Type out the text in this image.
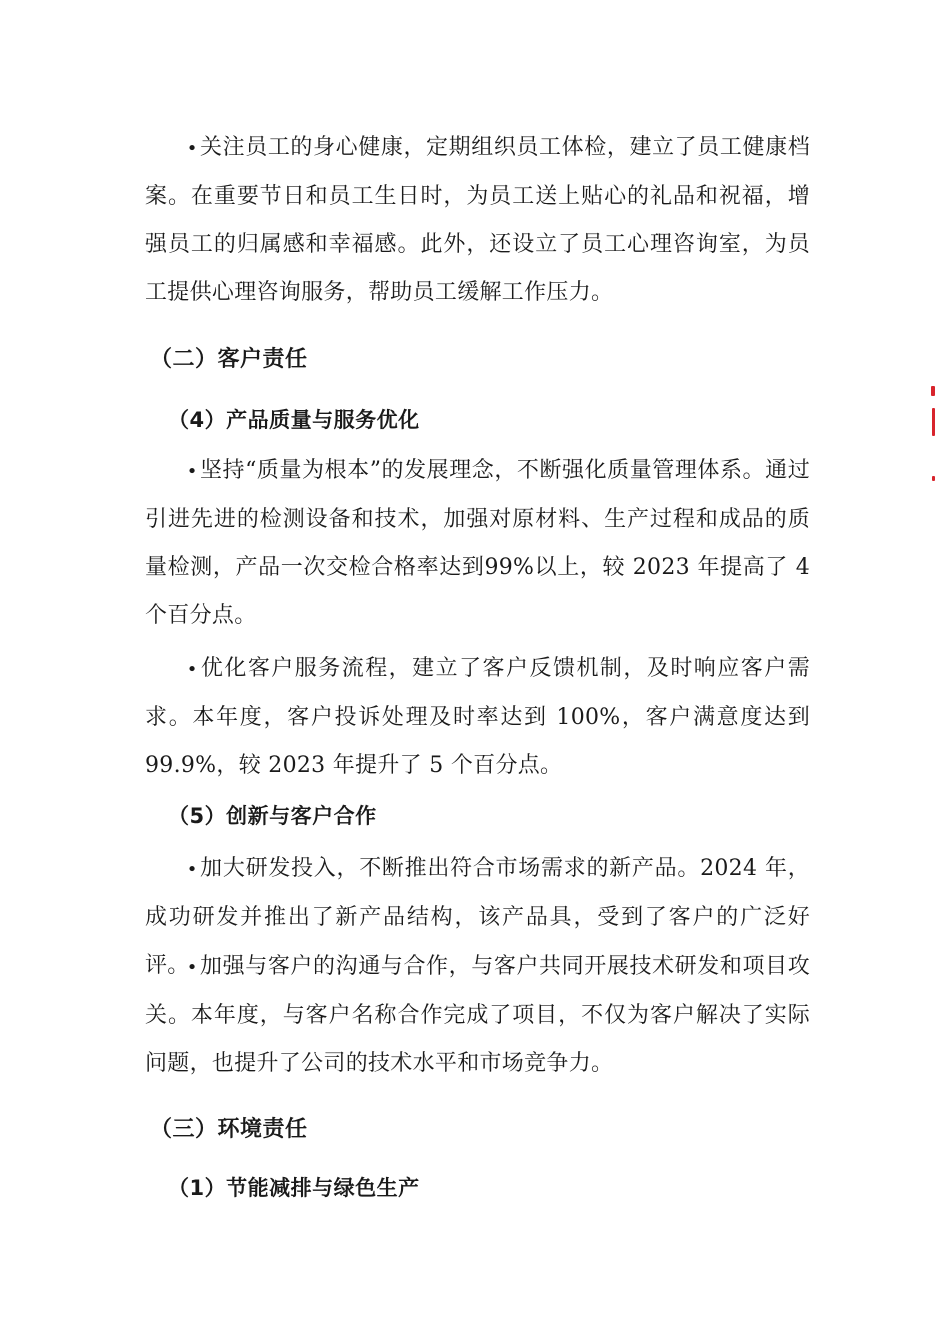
•关注员工的身心健康，定期组织员工体检，建立了员工健康档案。在重要节日和员工生日时，为员工送上贴心的礼品和祝福，增强员工的归属感和幸福感。此外，还设立了员工心理咨询室，为员工提供心理咨询服务，帮助员工缓解工作压力。

（二）客户责任
（4）产品质量与服务优化

•坚持“质量为根本”的发展理念，不断强化质量管理体系。通过引进先进的检测设备和技术，加强对原材料、生产过程和成品的质量检测，产品一次交检合格率达到99%以上，较 2023 年提高了 4 个百分点。

•优化客户服务流程，建立了客户反馈机制，及时响应客户需求。本年度，客户投诉处理及时率达到 100%，客户满意度达到 99.9%，较 2023 年提升了 5 个百分点。

（5）创新与客户合作

•加大研发投入，不断推出符合市场需求的新产品。2024 年，成功研发并推出了新产品结构，该产品具，受到了客户的广泛好评。

•加强与客户的沟通与合作，与客户共同开展技术研发和项目攻关。本年度，与客户名称合作完成了项目，不仅为客户解决了实际问题，也提升了公司的技术水平和市场竞争力。

（三）环境责任
（1）节能减排与绿色生产
